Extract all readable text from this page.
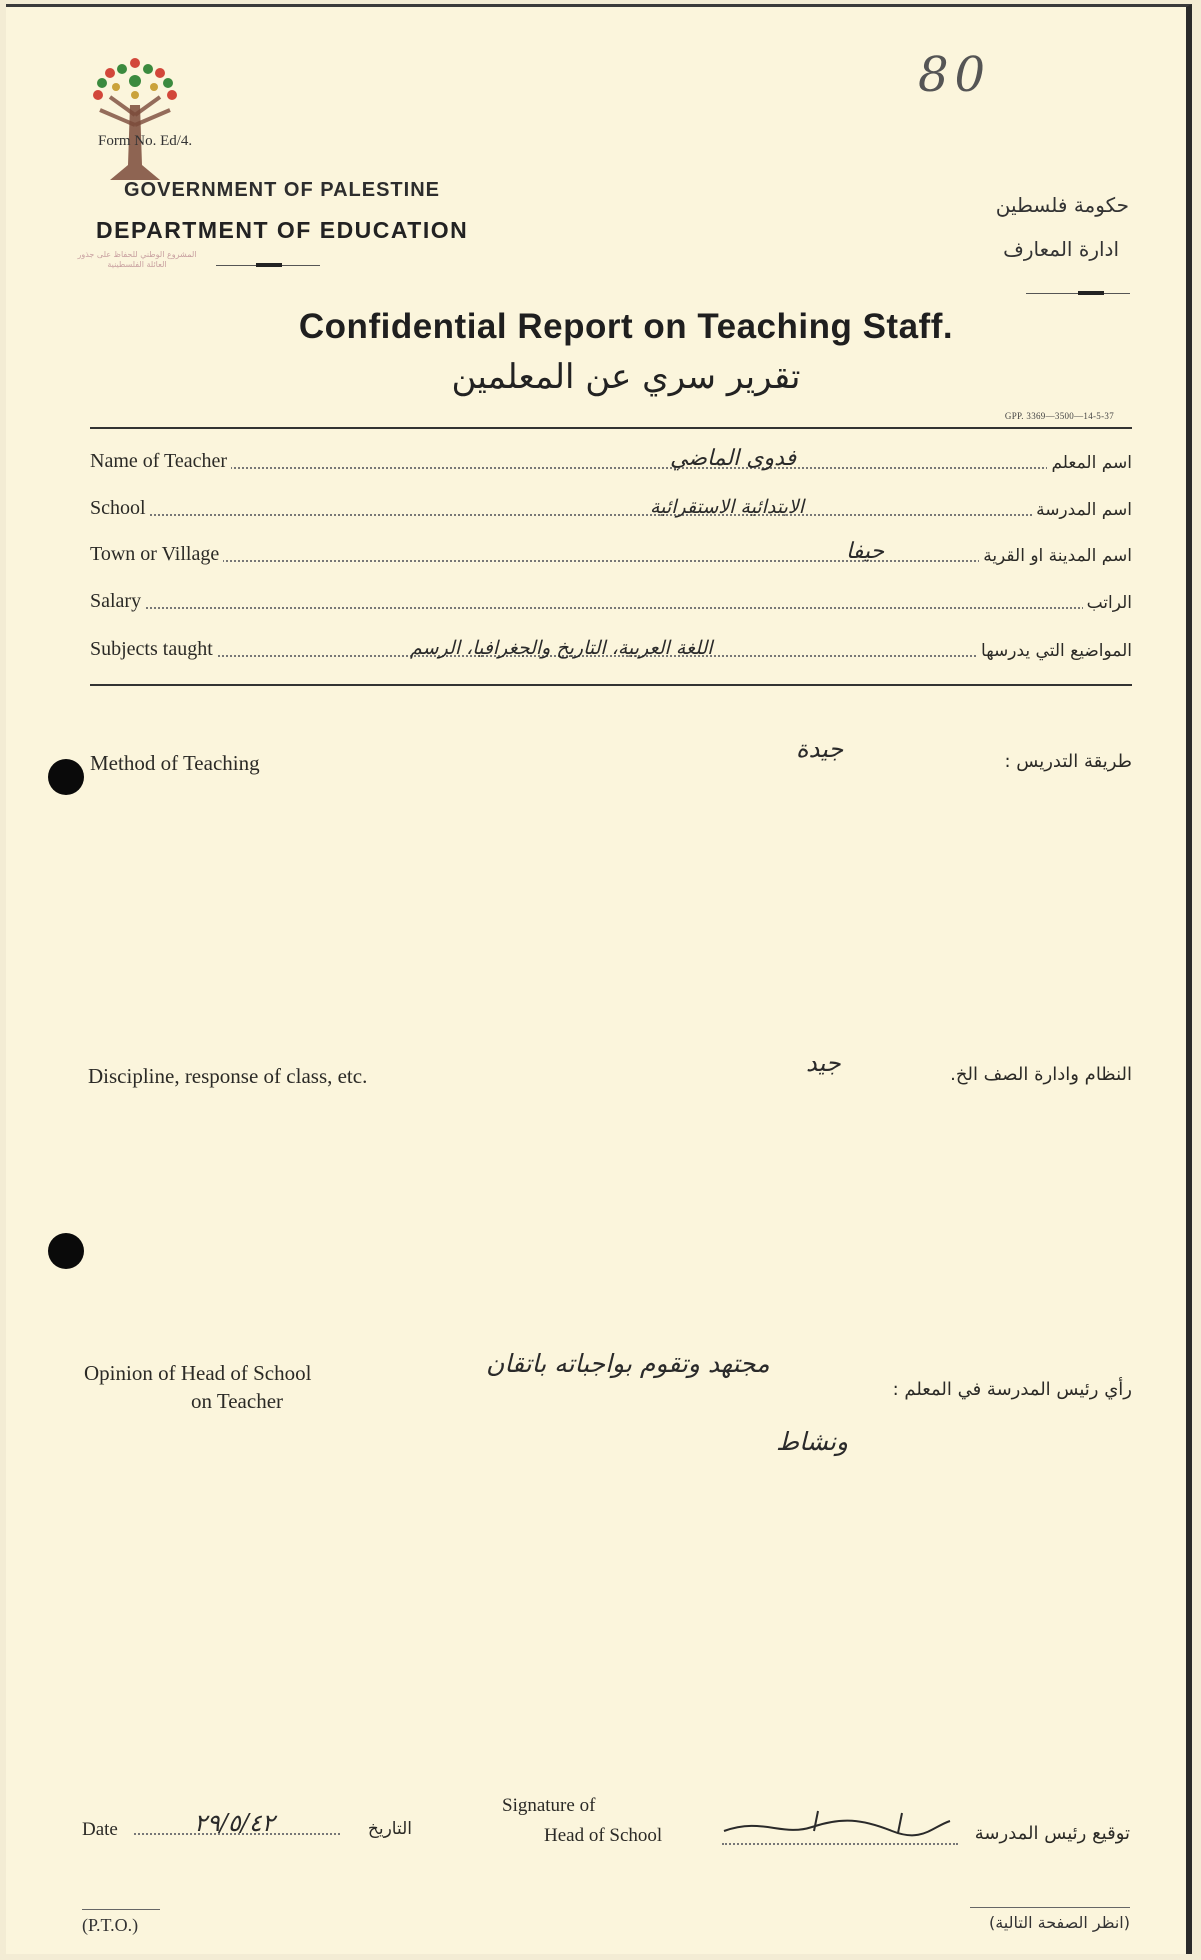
Form No. Ed/4.
80
GOVERNMENT OF PALESTINE
DEPARTMENT OF EDUCATION
المشروع الوطني للحفاظ على جذور العائلة الفلسطينية
حكومة فلسطين
ادارة المعارف
Confidential Report on Teaching Staff.
تقرير سري عن المعلمين
GPP. 3369—3500—14-5-37
Name of Teacher	فدوى الماضي	اسم المعلم
School	الابتدائية الاستقرائية	اسم المدرسة
Town or Village	حيفا	اسم المدينة او القرية
Salary	الراتب
Subjects taught	اللغة العربية، التاريخ والجغرافيا، الرسم	المواضيع التي يدرسها
Method of Teaching	جيدة	طريقة التدريس :
Discipline, response of class, etc.	جيد	النظام وادارة الصف الخ.
Opinion of Head of School
on Teacher
مجتهد وتقوم بواجباته باتقان
ونشاط
رأي رئيس المدرسة في المعلم :
Date	٢٩/٥/٤٢	التاريخ
Signature of
Head of School	توقيع رئيس المدرسة
(P.T.O.)	(انظر الصفحة التالية)
